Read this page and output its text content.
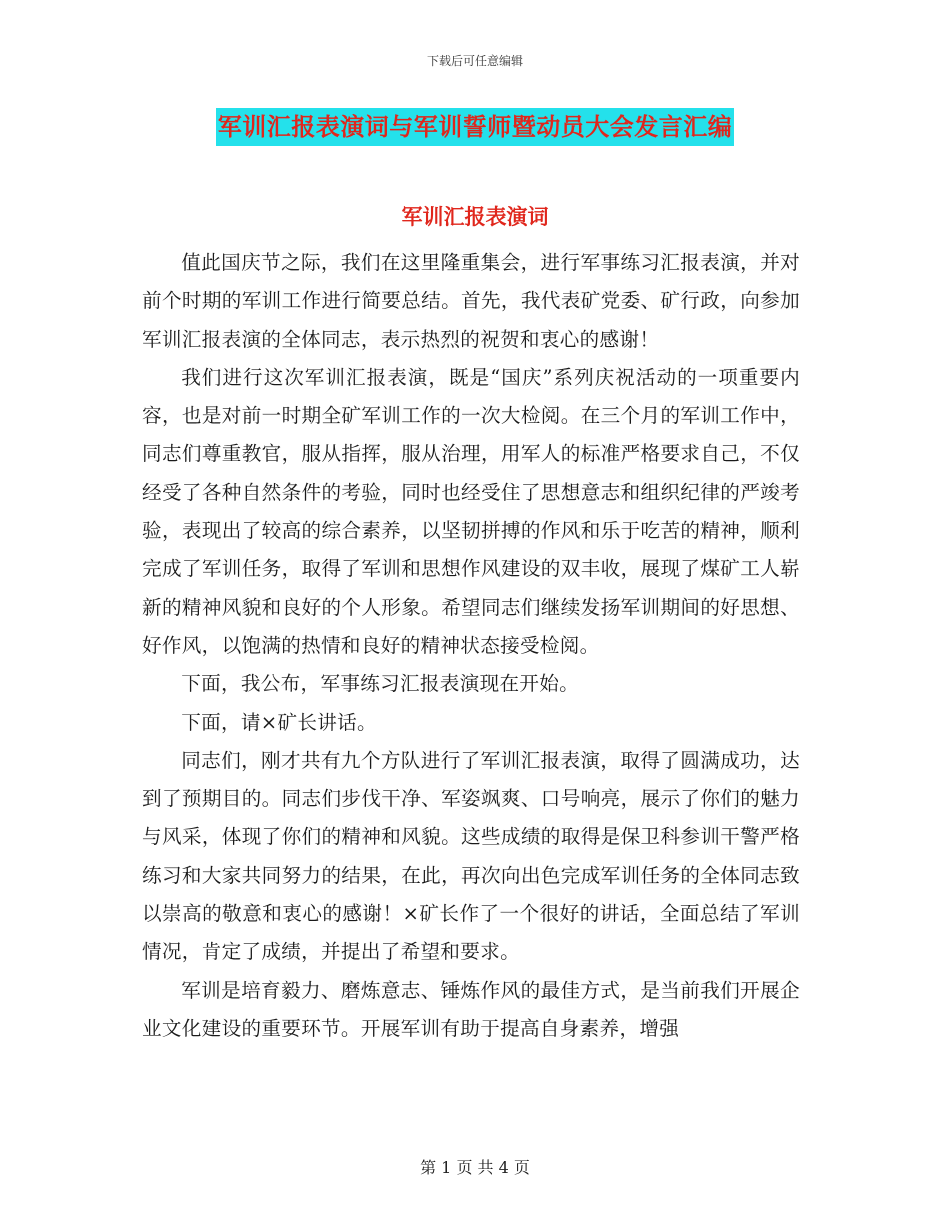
下载后可任意编辑
军训汇报表演词与军训誓师暨动员大会发言汇编
军训汇报表演词

值此国庆节之际，我们在这里隆重集会，进行军事练习汇报表演，并对前个时期的军训工作进行简要总结。首先，我代表矿党委、矿行政，向参加军训汇报表演的全体同志，表示热烈的祝贺和衷心的感谢！

我们进行这次军训汇报表演，既是“国庆”系列庆祝活动的一项重要内容，也是对前一时期全矿军训工作的一次大检阅。在三个月的军训工作中，同志们尊重教官，服从指挥，服从治理，用军人的标准严格要求自己，不仅经受了各种自然条件的考验，同时也经受住了思想意志和组织纪律的严竣考验，表现出了较高的综合素养，以坚韧拼搏的作风和乐于吃苦的精神，顺利完成了军训任务，取得了军训和思想作风建设的双丰收，展现了煤矿工人崭新的精神风貌和良好的个人形象。希望同志们继续发扬军训期间的好思想、好作风，以饱满的热情和良好的精神状态接受检阅。

下面，我公布，军事练习汇报表演现在开始。

下面，请×矿长讲话。

同志们，刚才共有九个方队进行了军训汇报表演，取得了圆满成功，达到了预期目的。同志们步伐干净、军姿飒爽、口号响亮，展示了你们的魅力与风采，体现了你们的精神和风貌。这些成绩的取得是保卫科参训干警严格练习和大家共同努力的结果，在此，再次向出色完成军训任务的全体同志致以崇高的敬意和衷心的感谢！×矿长作了一个很好的讲话，全面总结了军训情况，肯定了成绩，并提出了希望和要求。

军训是培育毅力、磨炼意志、锤炼作风的最佳方式，是当前我们开展企业文化建设的重要环节。开展军训有助于提高自身素养，增强

第 1 页 共 4 页
